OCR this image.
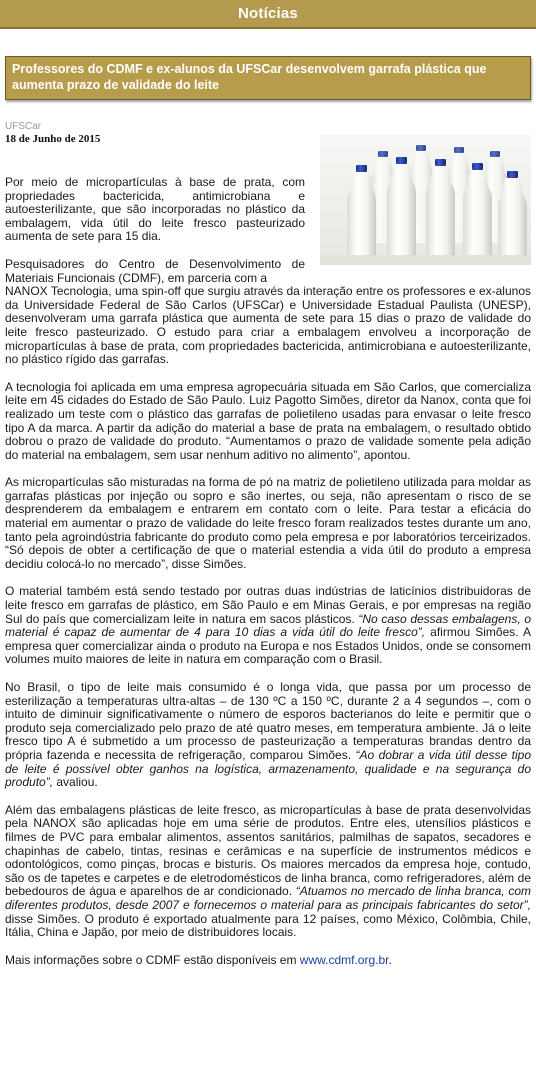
Notícias
Professores do CDMF e ex-alunos da UFSCar desenvolvem garrafa plástica que aumenta prazo de validade do leite
UFSCar
18 de Junho de 2015

Por meio de micropartículas à base de prata, com propriedades bactericida, antimicrobiana e autoesterilizante, que são incorporadas no plástico da embalagem, vida útil do leite fresco pasteurizado aumenta de sete para 15 dia.

Pesquisadores do Centro de Desenvolvimento de Materiais Funcionais (CDMF), em parceria com a
NANOX Tecnologia, uma spin-off que surgiu através da interação entre os professores e ex-alunos da Universidade Federal de São Carlos (UFSCar) e Universidade Estadual Paulista (UNESP), desenvolveram uma garrafa plástica que aumenta de sete para 15 dias o prazo de validade do leite fresco pasteurizado. O estudo para criar a embalagem envolveu a incorporação de micropartículas à base de prata, com propriedades bactericida, antimicrobiana e autoesterilizante, no plástico rígido das garrafas.

A tecnologia foi aplicada em uma empresa agropecuária situada em São Carlos, que comercializa leite em 45 cidades do Estado de São Paulo. Luiz Pagotto Simões, diretor da Nanox, conta que foi realizado um teste com o plástico das garrafas de polietileno usadas para envasar o leite fresco tipo A da marca. A partir da adição do material a base de prata na embalagem, o resultado obtido dobrou o prazo de validade do produto. “Aumentamos o prazo de validade somente pela adição do material na embalagem, sem usar nenhum aditivo no alimento”, apontou.

As micropartículas são misturadas na forma de pó na matriz de polietileno utilizada para moldar as garrafas plásticas por injeção ou sopro e são inertes, ou seja, não apresentam o risco de se desprenderem da embalagem e entrarem em contato com o leite. Para testar a eficácia do material em aumentar o prazo de validade do leite fresco foram realizados testes durante um ano, tanto pela agroindústria fabricante do produto como pela empresa e por laboratórios terceirizados. “Só depois de obter a certificação de que o material estendia a vida útil do produto a empresa decidiu colocá-lo no mercado”, disse Simões.

O material também está sendo testado por outras duas indústrias de laticínios distribuidoras de leite fresco em garrafas de plástico, em São Paulo e em Minas Gerais, e por empresas na região Sul do país que comercializam leite in natura em sacos plásticos. “No caso dessas embalagens, o material é capaz de aumentar de 4 para 10 dias a vida útil do leite fresco”, afirmou Simões. A empresa quer comercializar ainda o produto na Europa e nos Estados Unidos, onde se consomem volumes muito maiores de leite in natura em comparação com o Brasil.

No Brasil, o tipo de leite mais consumido é o longa vida, que passa por um processo de esterilização a temperaturas ultra-altas – de 130 ºC a 150 ºC, durante 2 a 4 segundos –, com o intuito de diminuir significativamente o número de esporos bacterianos do leite e permitir que o produto seja comercializado pelo prazo de até quatro meses, em temperatura ambiente. Já o leite fresco tipo A é submetido a um processo de pasteurização a temperaturas brandas dentro da própria fazenda e necessita de refrigeração, comparou Simões. “Ao dobrar a vida útil desse tipo de leite é possível obter ganhos na logística, armazenamento, qualidade e na segurança do produto”, avaliou.

Além das embalagens plásticas de leite fresco, as micropartículas à base de prata desenvolvidas pela NANOX são aplicadas hoje em uma série de produtos. Entre eles, utensílios plásticos e filmes de PVC para embalar alimentos, assentos sanitários, palmilhas de sapatos, secadores e chapinhas de cabelo, tintas, resinas e cerâmicas e na superfície de instrumentos médicos e odontológicos, como pinças, brocas e bisturis. Os maiores mercados da empresa hoje, contudo, são os de tapetes e carpetes e de eletrodomésticos de linha branca, como refrigeradores, além de bebedouros de água e aparelhos de ar condicionado. “Atuamos no mercado de linha branca, com diferentes produtos, desde 2007 e fornecemos o material para as principais fabricantes do setor”, disse Simões. O produto é exportado atualmente para 12 países, como México, Colômbia, Chile, Itália, China e Japão, por meio de distribuidores locais.

Mais informações sobre o CDMF estão disponíveis em www.cdmf.org.br.
